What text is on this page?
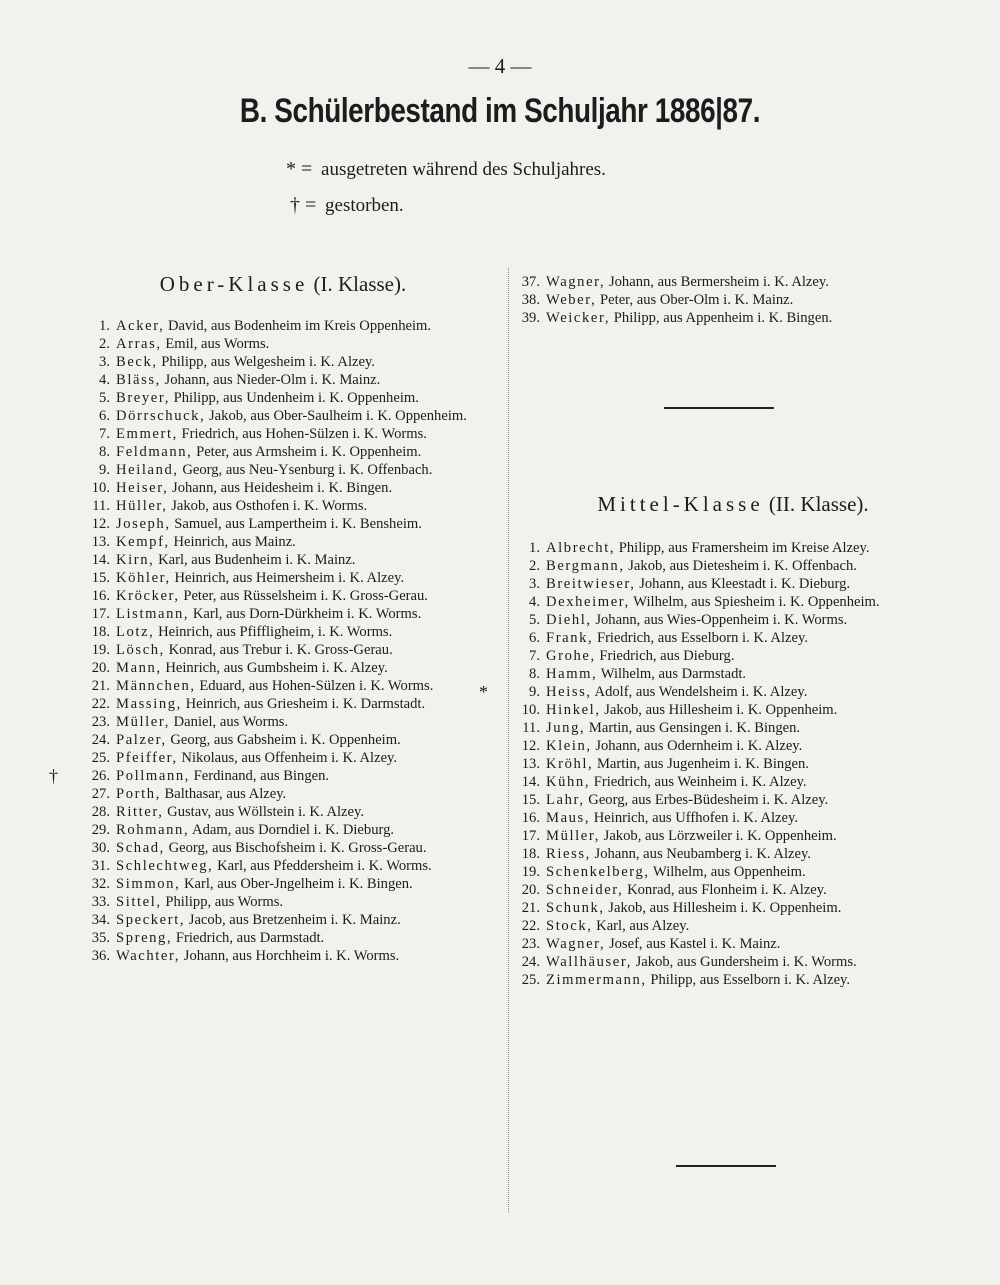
— 4 —
B. Schülerbestand im Schuljahr 1886|87.
* = ausgetreten während des Schuljahres.
† = gestorben.
Ober-Klasse (I. Klasse).
1. Acker, David, aus Bodenheim im Kreis Oppenheim.
2. Arras, Emil, aus Worms.
3. Beck, Philipp, aus Welgesheim i. K. Alzey.
4. Bläss, Johann, aus Nieder-Olm i. K. Mainz.
5. Breyer, Philipp, aus Undenheim i. K. Oppenheim.
6. Dörrschuck, Jakob, aus Ober-Saulheim i. K. Oppenheim.
7. Emmert, Friedrich, aus Hohen-Sülzen i. K. Worms.
8. Feldmann, Peter, aus Armsheim i. K. Oppenheim.
9. Heiland, Georg, aus Neu-Ysenburg i. K. Offenbach.
10. Heiser, Johann, aus Heidesheim i. K. Bingen.
11. Hüller, Jakob, aus Osthofen i. K. Worms.
12. Joseph, Samuel, aus Lampertheim i. K. Bensheim.
13. Kempf, Heinrich, aus Mainz.
14. Kirn, Karl, aus Budenheim i. K. Mainz.
15. Köhler, Heinrich, aus Heimersheim i. K. Alzey.
16. Kröcker, Peter, aus Rüsselsheim i. K. Gross-Gerau.
17. Listmann, Karl, aus Dorn-Dürkheim i. K. Worms.
18. Lotz, Heinrich, aus Pfiffligheim, i. K. Worms.
19. Lösch, Konrad, aus Trebur i. K. Gross-Gerau.
20. Mann, Heinrich, aus Gumbsheim i. K. Alzey.
21. Männchen, Eduard, aus Hohen-Sülzen i. K. Worms.
22. Massing, Heinrich, aus Griesheim i. K. Darmstadt.
23. Müller, Daniel, aus Worms.
24. Palzer, Georg, aus Gabsheim i. K. Oppenheim.
25. Pfeiffer, Nikolaus, aus Offenheim i. K. Alzey.
†	26. Pollmann, Ferdinand, aus Bingen.
27. Porth, Balthasar, aus Alzey.
28. Ritter, Gustav, aus Wöllstein i. K. Alzey.
29. Rohmann, Adam, aus Dorndiel i. K. Dieburg.
30. Schad, Georg, aus Bischofsheim i. K. Gross-Gerau.
31. Schlechtweg, Karl, aus Pfeddersheim i. K. Worms.
32. Simmon, Karl, aus Ober-Jngelheim i. K. Bingen.
33. Sittel, Philipp, aus Worms.
34. Speckert, Jacob, aus Bretzenheim i. K. Mainz.
35. Spreng, Friedrich, aus Darmstadt.
36. Wachter, Johann, aus Horchheim i. K. Worms.
37. Wagner, Johann, aus Bermersheim i. K. Alzey.
38. Weber, Peter, aus Ober-Olm i. K. Mainz.
39. Weicker, Philipp, aus Appenheim i. K. Bingen.
Mittel-Klasse (II. Klasse).
1. Albrecht, Philipp, aus Framersheim im Kreise Alzey.
2. Bergmann, Jakob, aus Dietesheim i. K. Offenbach.
3. Breitwieser, Johann, aus Kleestadt i. K. Dieburg.
4. Dexheimer, Wilhelm, aus Spiesheim i. K. Oppenheim.
5. Diehl, Johann, aus Wies-Oppenheim i. K. Worms.
6. Frank, Friedrich, aus Esselborn i. K. Alzey.
7. Grohe, Friedrich, aus Dieburg.
8. Hamm, Wilhelm, aus Darmstadt.
*	9. Heiss, Adolf, aus Wendelsheim i. K. Alzey.
10. Hinkel, Jakob, aus Hillesheim i. K. Oppenheim.
11. Jung, Martin, aus Gensingen i. K. Bingen.
12. Klein, Johann, aus Odernheim i. K. Alzey.
13. Kröhl, Martin, aus Jugenheim i. K. Bingen.
14. Kühn, Friedrich, aus Weinheim i. K. Alzey.
15. Lahr, Georg, aus Erbes-Büdesheim i. K. Alzey.
16. Maus, Heinrich, aus Uffhofen i. K. Alzey.
17. Müller, Jakob, aus Lörzweiler i. K. Oppenheim.
18. Riess, Johann, aus Neubamberg i. K. Alzey.
19. Schenkelberg, Wilhelm, aus Oppenheim.
20. Schneider, Konrad, aus Flonheim i. K. Alzey.
21. Schunk, Jakob, aus Hillesheim i. K. Oppenheim.
22. Stock, Karl, aus Alzey.
23. Wagner, Josef, aus Kastel i. K. Mainz.
24. Wallhäuser, Jakob, aus Gundersheim i. K. Worms.
25. Zimmermann, Philipp, aus Esselborn i. K. Alzey.
